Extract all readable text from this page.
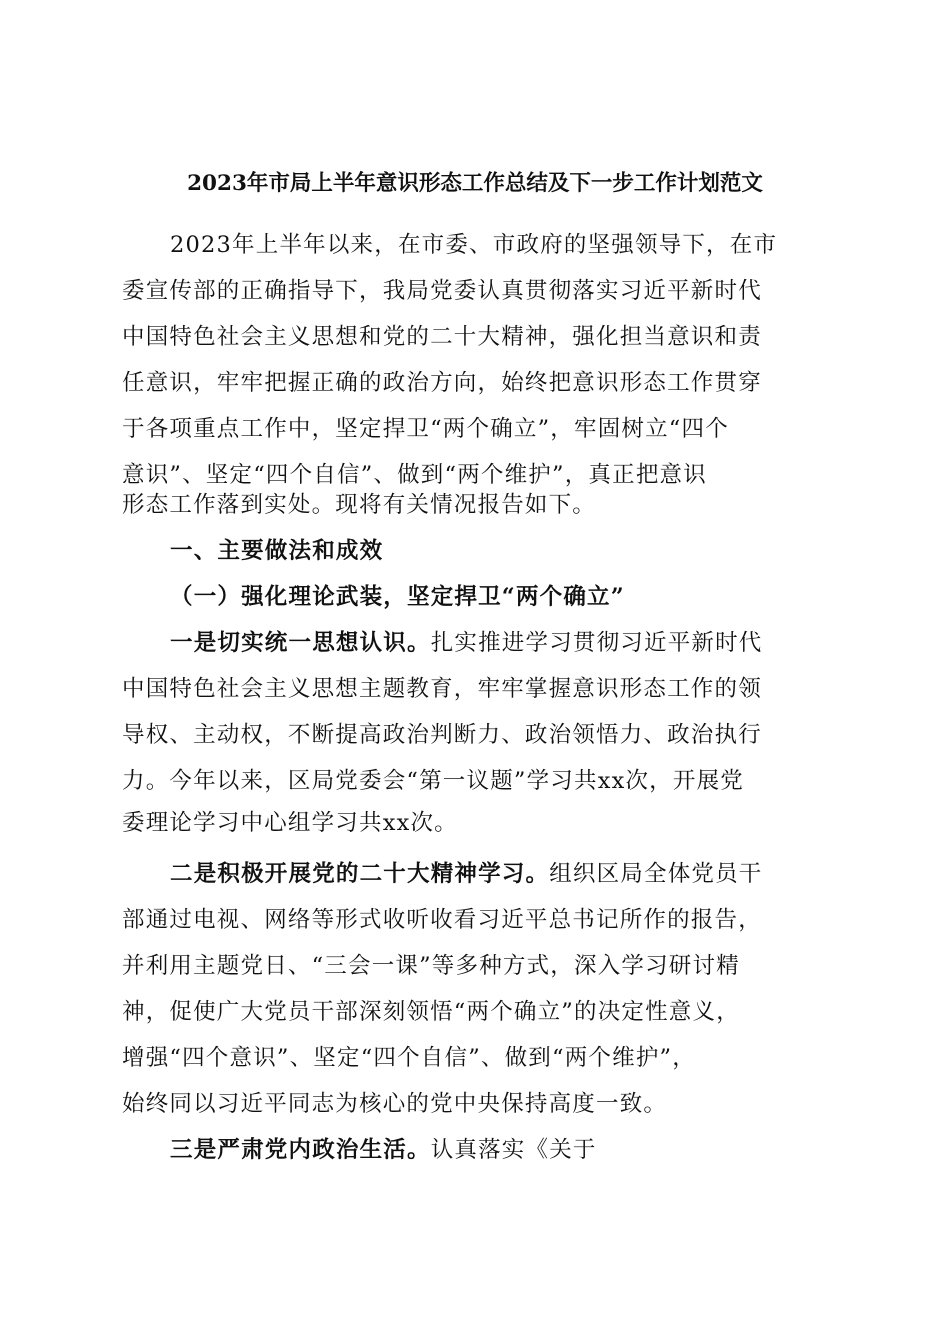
2023年市局上半年意识形态工作总结及下一步工作计划范文
2023年上半年以来，在市委、市政府的坚强领导下，在市
委宣传部的正确指导下，我局党委认真贯彻落实习近平新时代
中国特色社会主义思想和党的二十大精神，强化担当意识和责
任意识，牢牢把握正确的政治方向，始终把意识形态工作贯穿
于各项重点工作中，坚定捍卫“两个确立”，牢固树立“四个
意识”、坚定“四个自信”、做到“两个维护”，真正把意识
形态工作落到实处。现将有关情况报告如下。
一、主要做法和成效
（一）强化理论武装，坚定捍卫“两个确立”
一是切实统一思想认识。扎实推进学习贯彻习近平新时代
中国特色社会主义思想主题教育，牢牢掌握意识形态工作的领
导权、主动权，不断提高政治判断力、政治领悟力、政治执行
力。今年以来，区局党委会“第一议题”学习共xx次，开展党
委理论学习中心组学习共xx次。
二是积极开展党的二十大精神学习。组织区局全体党员干
部通过电视、网络等形式收听收看习近平总书记所作的报告，
并利用主题党日、“三会一课”等多种方式，深入学习研讨精
神，促使广大党员干部深刻领悟“两个确立”的决定性意义，
增强“四个意识”、坚定“四个自信”、做到“两个维护”，
始终同以习近平同志为核心的党中央保持高度一致。
三是严肃党内政治生活。认真落实《关于
